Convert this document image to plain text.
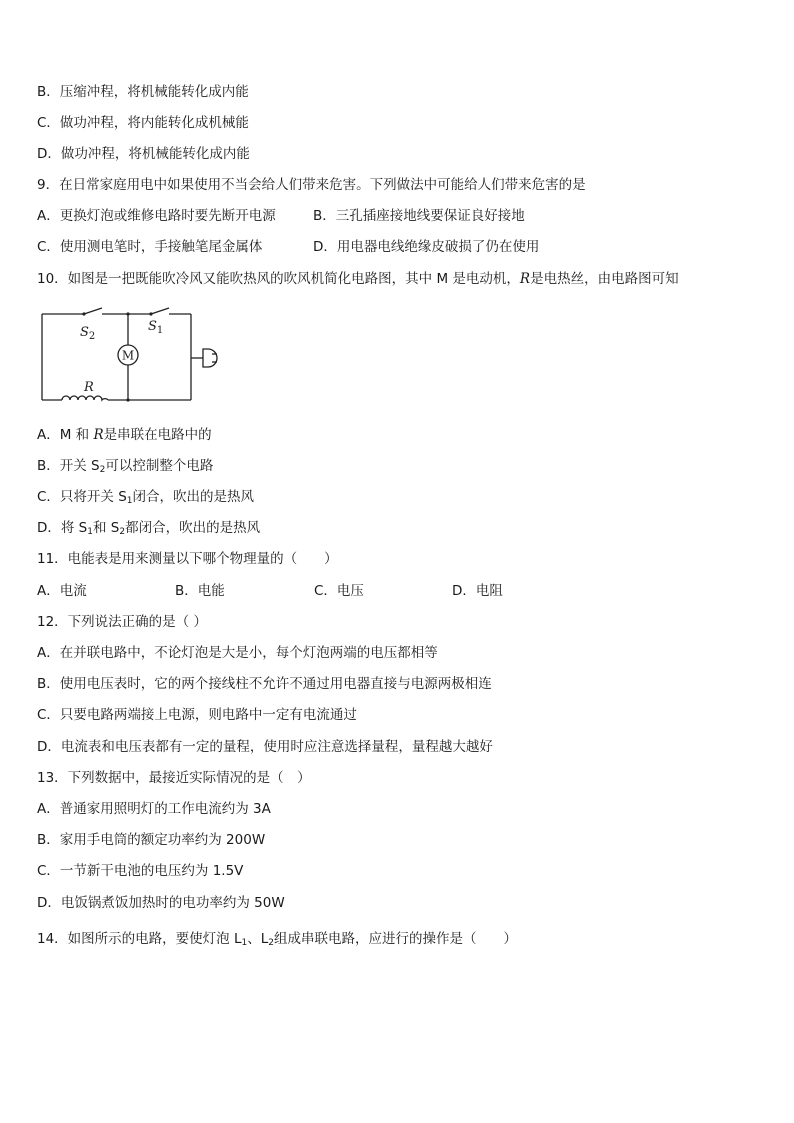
B．压缩冲程，将机械能转化成内能
C．做功冲程，将内能转化成机械能
D．做功冲程，将机械能转化成内能
9．在日常家庭用电中如果使用不当会给人们带来危害。下列做法中可能给人们带来危害的是
A．更换灯泡或维修电路时要先断开电源	B．三孔插座接地线要保证良好接地
C．使用测电笔时，手接触笔尾金属体	D．用电器电线绝缘皮破损了仍在使用
10．如图是一把既能吹冷风又能吹热风的吹风机简化电路图，其中 M 是电动机，R是电热丝，由电路图可知
M
R
$S_2$
$S_1$
A．M 和 R是串联在电路中的
B．开关 $S_2$可以控制整个电路
C．只将开关 $S_1$闭合，吹出的是热风
D．将 $S_1$和 $S_2$都闭合，吹出的是热风
11．电能表是用来测量以下哪个物理量的（　　）
A．电流	B．电能	C．电压	D．电阻
12．下列说法正确的是（ ）
A．在并联电路中，不论灯泡是大是小，每个灯泡两端的电压都相等
B．使用电压表时，它的两个接线柱不允许不通过用电器直接与电源两极相连
C．只要电路两端接上电源，则电路中一定有电流通过
D．电流表和电压表都有一定的量程，使用时应注意选择量程，量程越大越好
13．下列数据中，最接近实际情况的是（　）
A．普通家用照明灯的工作电流约为 3A
B．家用手电筒的额定功率约为 200W
C．一节新干电池的电压约为 1.5V
D．电饭锅煮饭加热时的电功率约为 50W
14．如图所示的电路，要使灯泡 $L_1$、$L_2$组成串联电路，应进行的操作是（　　）
